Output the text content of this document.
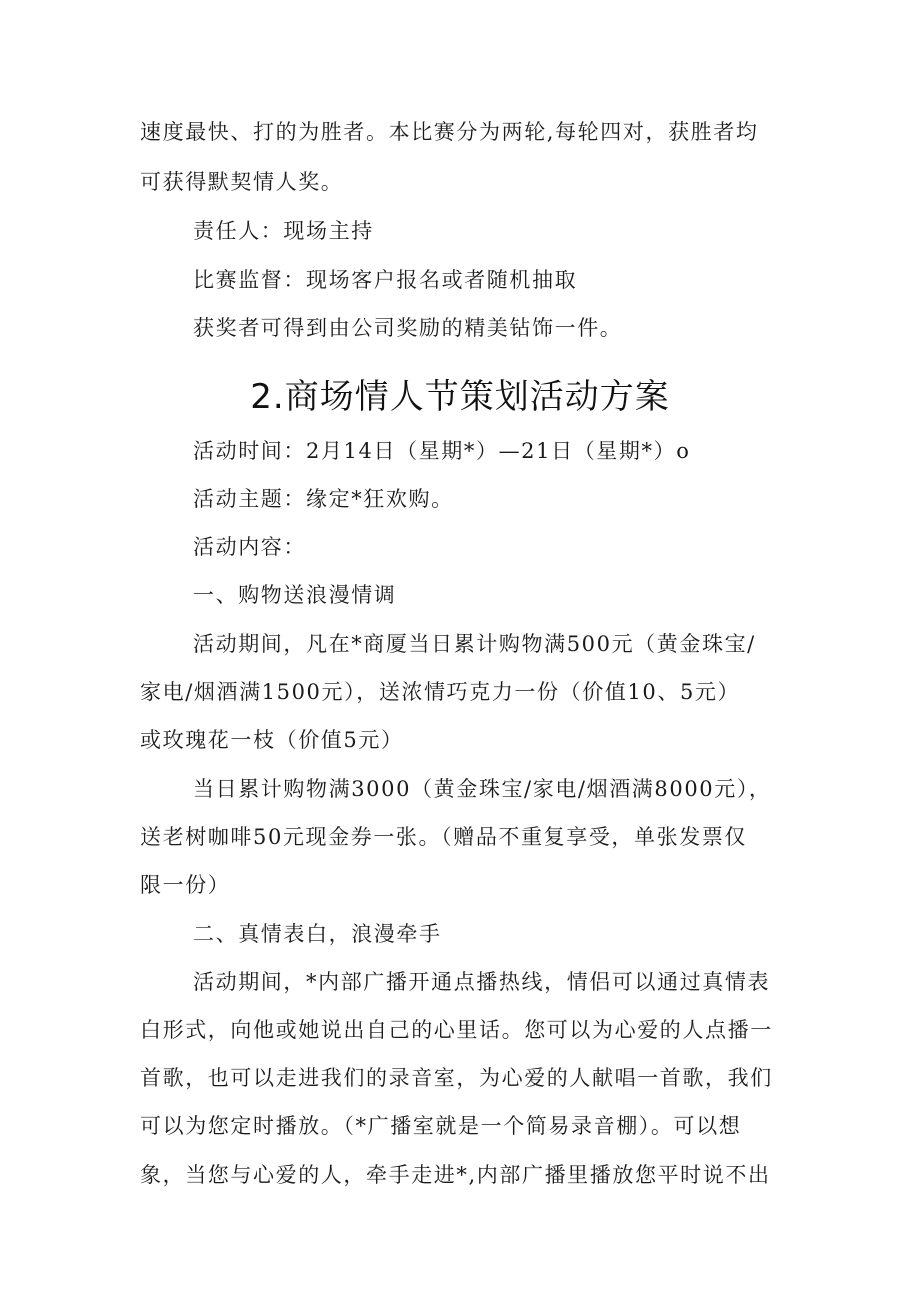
速度最快、打的为胜者。本比赛分为两轮,每轮四对，获胜者均
可获得默契情人奖。
责任人：现场主持
比赛监督：现场客户报名或者随机抽取
获奖者可得到由公司奖励的精美钻饰一件。
2.商场情人节策划活动方案
活动时间：2月14日（星期*）—21日（星期*）o
活动主题：缘定*狂欢购。
活动内容：
一、购物送浪漫情调
活动期间，凡在*商厦当日累计购物满500元（黄金珠宝/
家电/烟酒满1500元），送浓情巧克力一份（价值10、5元）
或玫瑰花一枝（价值5元）
当日累计购物满3000（黄金珠宝/家电/烟酒满8000元），
送老树咖啡50元现金券一张。（赠品不重复享受，单张发票仅
限一份）
二、真情表白，浪漫牵手
活动期间，*内部广播开通点播热线，情侣可以通过真情表
白形式，向他或她说出自己的心里话。您可以为心爱的人点播一
首歌，也可以走进我们的录音室，为心爱的人献唱一首歌，我们
可以为您定时播放。（*广播室就是一个简易录音棚）。可以想
象，当您与心爱的人，牵手走进*,内部广播里播放您平时说不出
